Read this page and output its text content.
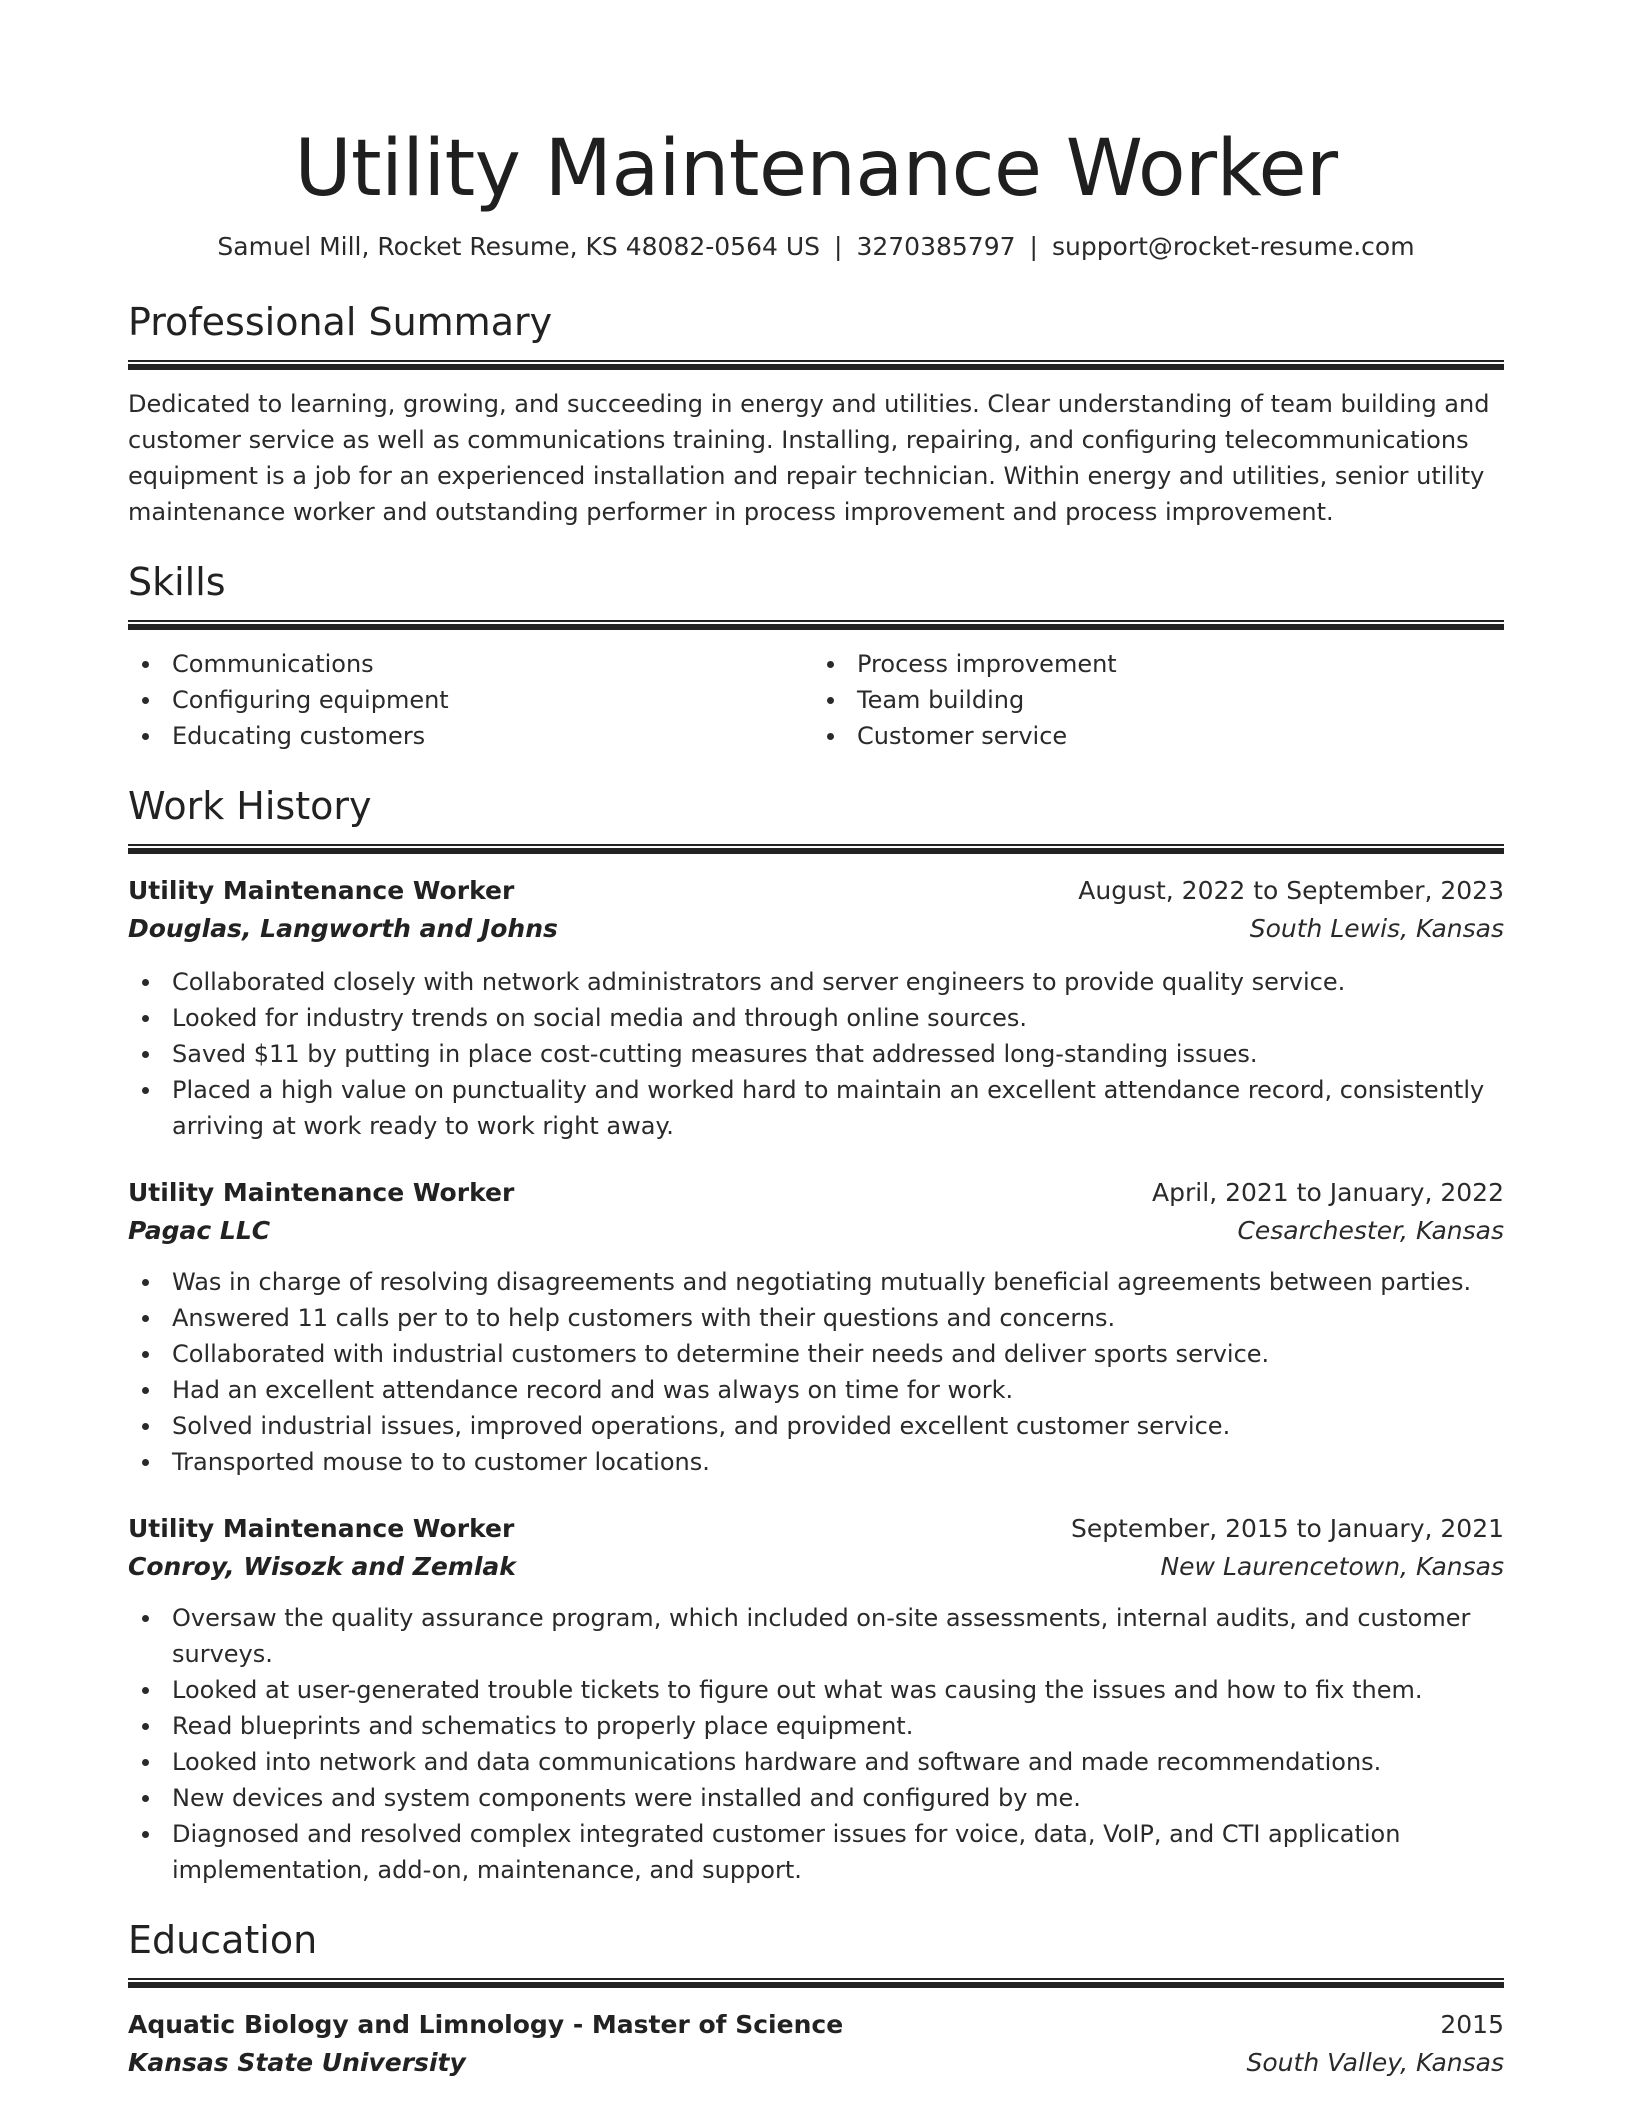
Utility Maintenance Worker
Samuel Mill, Rocket Resume, KS 48082-0564 US | 3270385797 | support@rocket-resume.com
Professional Summary

Dedicated to learning, growing, and succeeding in energy and utilities. Clear understanding of team building and customer service as well as communications training. Installing, repairing, and configuring telecommunications equipment is a job for an experienced installation and repair technician. Within energy and utilities, senior utility maintenance worker and outstanding performer in process improvement and process improvement.

Skills
Communications
Configuring equipment
Educating customers
Process improvement
Team building
Customer service
Work History
Utility Maintenance Worker	August, 2022 to September, 2023
Douglas, Langworth and Johns	South Lewis, Kansas
Collaborated closely with network administrators and server engineers to provide quality service.
Looked for industry trends on social media and through online sources.
Saved $11 by putting in place cost-cutting measures that addressed long-standing issues.
Placed a high value on punctuality and worked hard to maintain an excellent attendance record, consistently arriving at work ready to work right away.
Utility Maintenance Worker	April, 2021 to January, 2022
Pagac LLC	Cesarchester, Kansas
Was in charge of resolving disagreements and negotiating mutually beneficial agreements between parties.
Answered 11 calls per to to help customers with their questions and concerns.
Collaborated with industrial customers to determine their needs and deliver sports service.
Had an excellent attendance record and was always on time for work.
Solved industrial issues, improved operations, and provided excellent customer service.
Transported mouse to to customer locations.
Utility Maintenance Worker	September, 2015 to January, 2021
Conroy, Wisozk and Zemlak	New Laurencetown, Kansas
Oversaw the quality assurance program, which included on-site assessments, internal audits, and customer surveys.
Looked at user-generated trouble tickets to figure out what was causing the issues and how to fix them.
Read blueprints and schematics to properly place equipment.
Looked into network and data communications hardware and software and made recommendations.
New devices and system components were installed and configured by me.
Diagnosed and resolved complex integrated customer issues for voice, data, VoIP, and CTI application implementation, add-on, maintenance, and support.
Education
Aquatic Biology and Limnology - Master of Science	2015
Kansas State University	South Valley, Kansas
